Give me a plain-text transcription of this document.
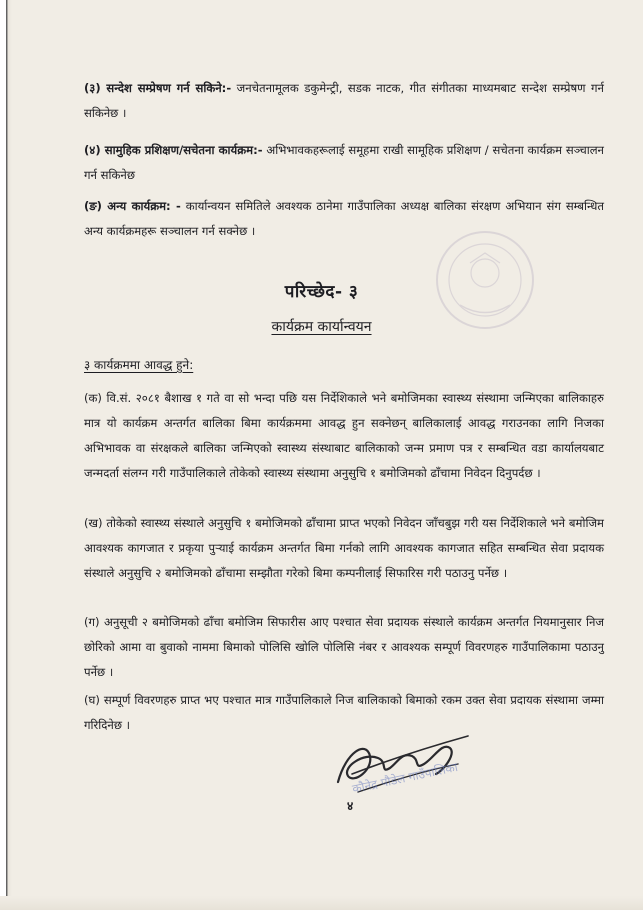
(३) सन्देश सम्प्रेषण गर्न सकिने:- जनचेतनामूलक डकुमेन्ट्री, सडक नाटक, गीत संगीतका माध्यमबाट सन्देश सम्प्रेषण गर्न सकिनेछ ।

(४) सामुहिक प्रशिक्षण/सचेतना कार्यक्रम:- अभिभावकहरूलाई समूहमा राखी सामूहिक प्रशिक्षण / सचेतना कार्यक्रम सञ्चालन गर्न सकिनेछ

(ङ) अन्य कार्यक्रम: - कार्यान्वयन समितिले अवश्यक ठानेमा गाउँपालिका अध्यक्ष बालिका संरक्षण अभियान संग सम्बन्धित अन्य कार्यक्रमहरू सञ्चालन गर्न सक्नेछ ।

परिच्छेद- ३
कार्यक्रम कार्यान्वयन
३ कार्यक्रममा आवद्ध हुने:

(क) वि.सं. २०८१ बैशाख १ गते वा सो भन्दा पछि यस निर्देशिकाले भने बमोजिमका स्वास्थ्य संस्थामा जन्मिएका बालिकाहरु मात्र यो कार्यक्रम अन्तर्गत बालिका बिमा कार्यक्रममा आवद्ध हुन सक्नेछन् बालिकालाई आवद्ध गराउनका लागि निजका अभिभावक वा संरक्षकले बालिका जन्मिएको स्वास्थ्य संस्थाबाट बालिकाको जन्म प्रमाण पत्र र सम्बन्धित वडा कार्यालयबाट जन्मदर्ता संलग्न गरी गाउँपालिकाले तोकेको स्वास्थ्य संस्थामा अनुसुचि १ बमोजिमको ढाँचामा निवेदन दिनुपर्दछ ।

(ख) तोकेको स्वास्थ्य संस्थाले अनुसुचि १ बमोजिमको ढाँचामा प्राप्त भएको निवेदन जाँचबुझ गरी यस निर्देशिकाले भने बमोजिम आवश्यक कागजात र प्रकृया पुऱ्याई कार्यक्रम अन्तर्गत बिमा गर्नको लागि आवश्यक कागजात सहित सम्बन्धित सेवा प्रदायक संस्थाले अनुसुचि २ बमोजिमको ढाँचामा सम्झौता गरेको बिमा कम्पनीलाई सिफारिस गरी पठाउनु पर्नेछ ।

(ग) अनुसूची २ बमोजिमको ढाँचा बमोजिम सिफारीस आए पश्चात सेवा प्रदायक संस्थाले कार्यक्रम अन्तर्गत नियमानुसार निज छोरिको आमा वा बुवाको नाममा बिमाको पोलिसि खोलि पोलिसि नंबर र आवश्यक सम्पूर्ण विवरणहरु गाउँपालिकामा पठाउनु पर्नेछ ।

(घ) सम्पूर्ण विवरणहरु प्राप्त भए पश्चात मात्र गाउँपालिकाले निज बालिकाको बिमाको रकम उक्त सेवा प्रदायक संस्थामा जम्मा गरिदिनेछ ।

कौनेद्र पौडेल गाउँपालिका
४
